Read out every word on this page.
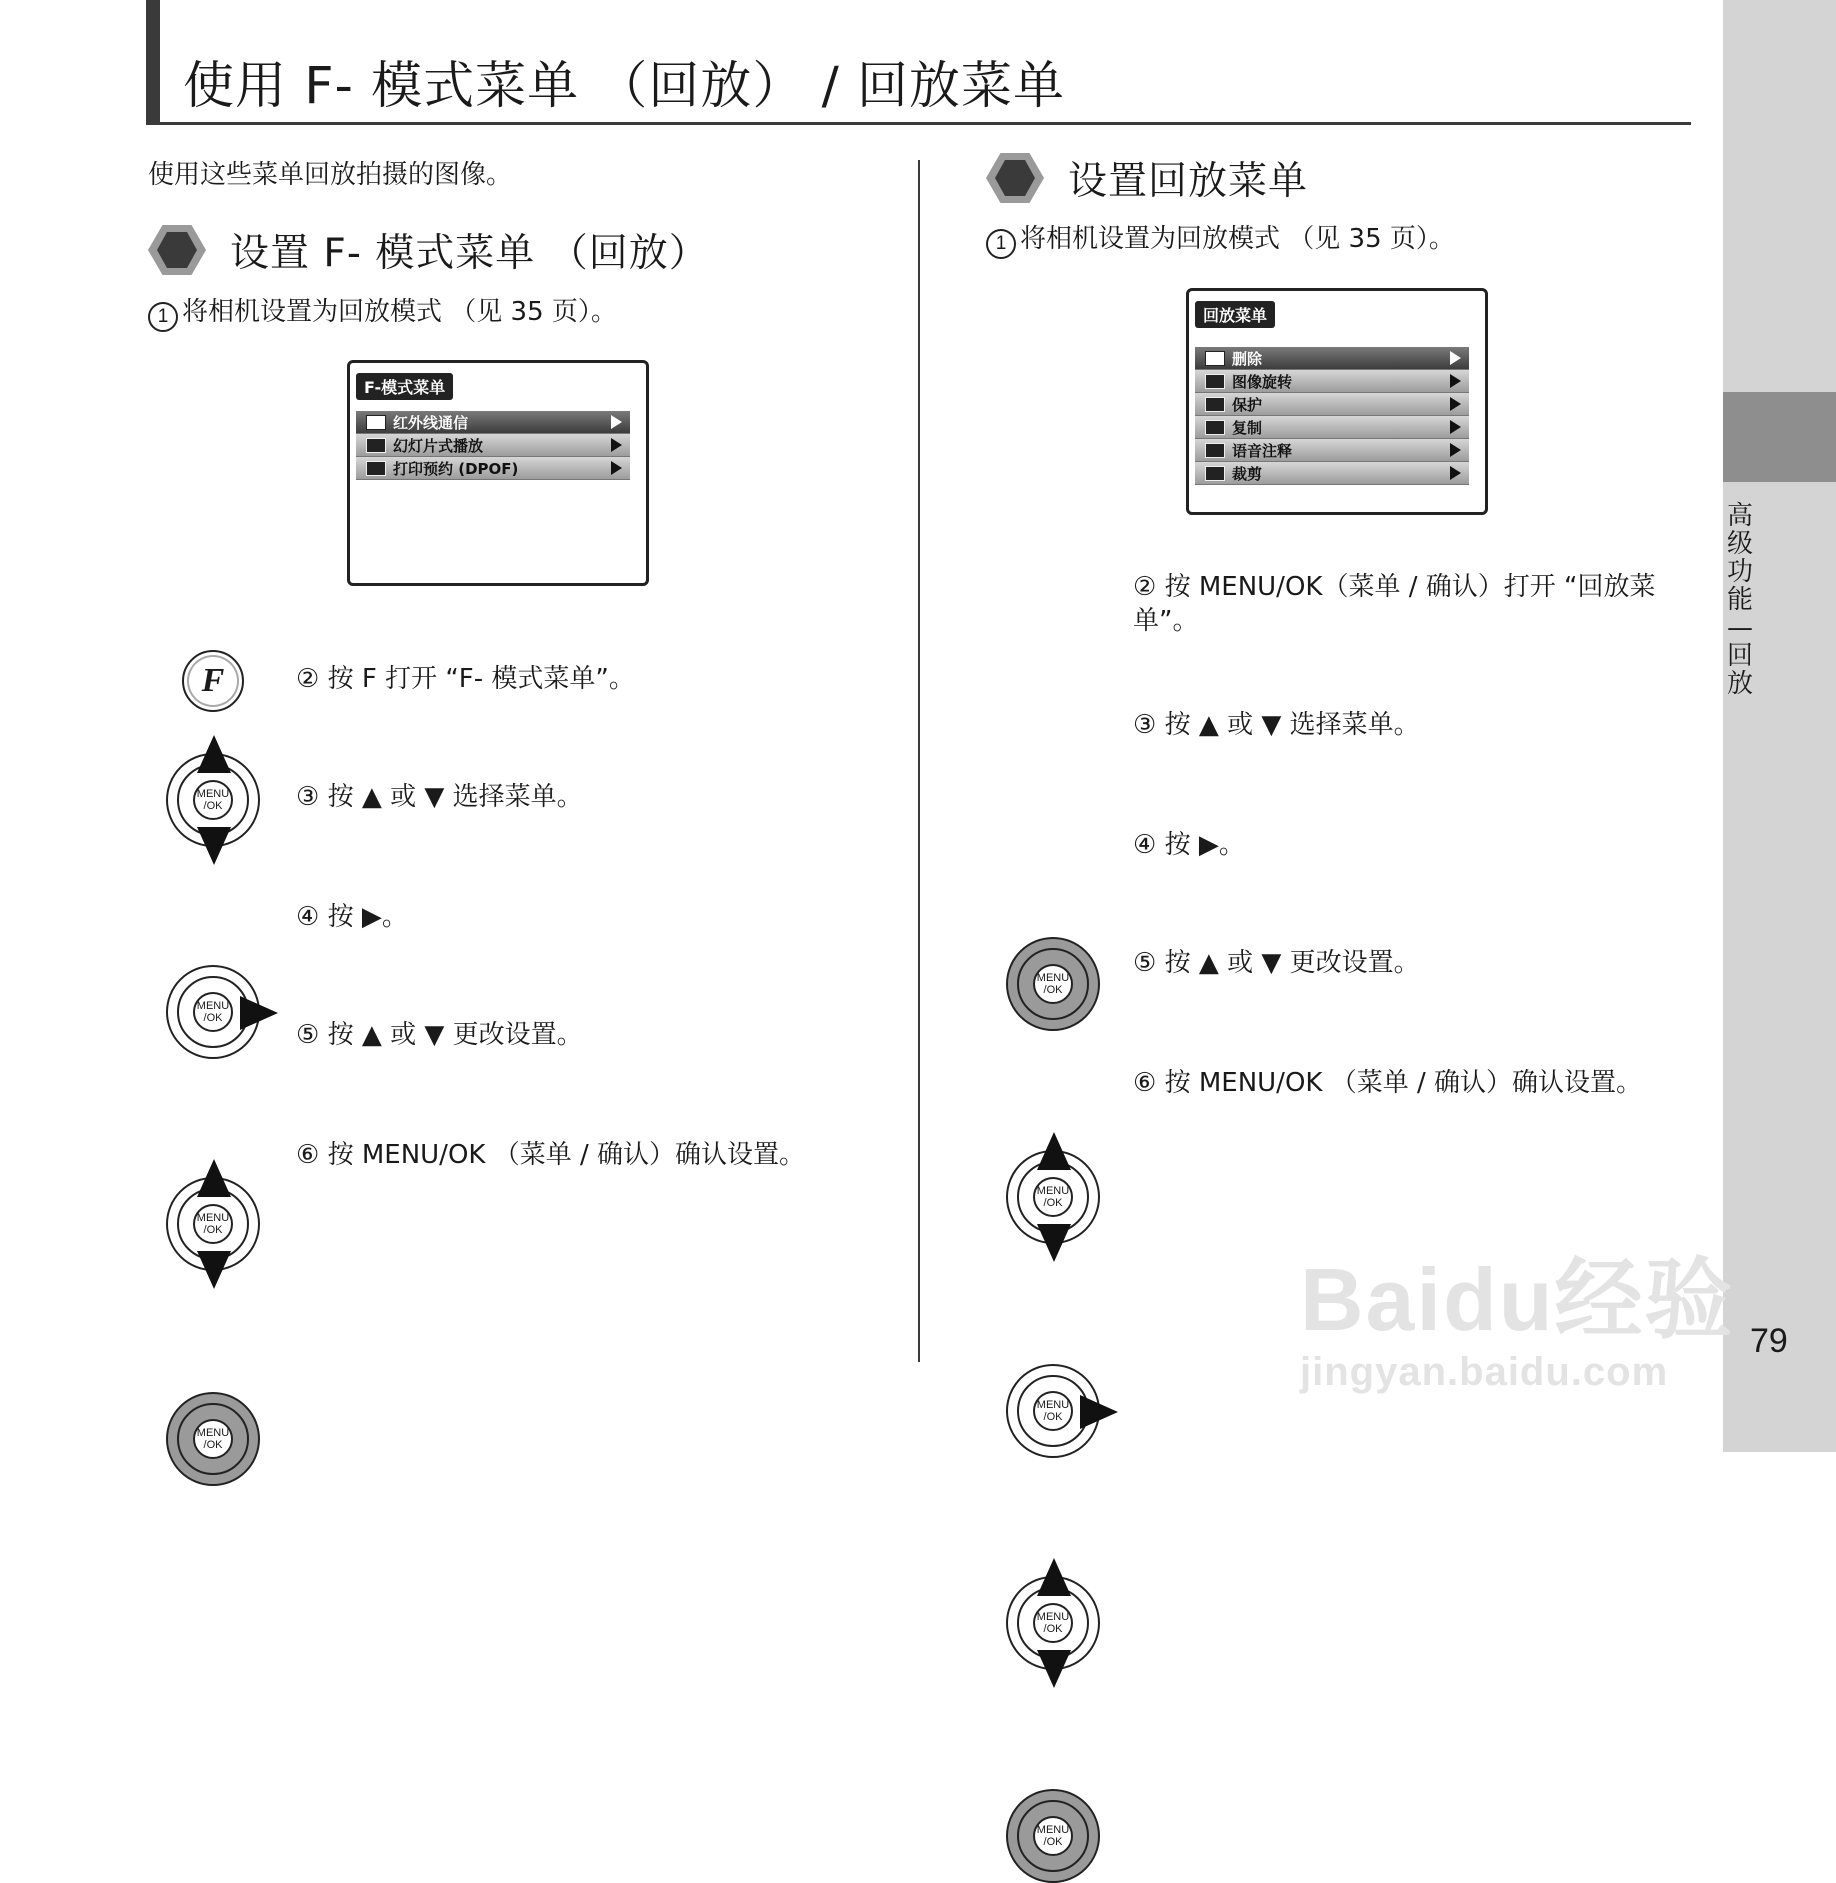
使用 F- 模式菜单 （回放） / 回放菜单
高级功能—回放
79
使用这些菜单回放拍摄的图像。
设置 F- 模式菜单 （回放）
1 将相机设置为回放模式 （见 35 页）。
F-模式菜单
红外线通信
幻灯片式播放
打印预约 (DPOF)
F
MENU
/OK
MENU
/OK
MENU
/OK
MENU
/OK
② 按 F 打开 “F- 模式菜单”。
③ 按 ▲ 或 ▼ 选择菜单。
④ 按 ▶。
⑤ 按 ▲ 或 ▼ 更改设置。
⑥ 按 MENU/OK （菜单 / 确认）确认设置。
设置回放菜单
1 将相机设置为回放模式 （见 35 页）。
回放菜单
删除
图像旋转
保护
复制
语音注释
裁剪
MENU
/OK
MENU
/OK
MENU
/OK
MENU
/OK
MENU
/OK
② 按 MENU/OK（菜单 / 确认）打开 “回放菜单”。
③ 按 ▲ 或 ▼ 选择菜单。
④ 按 ▶。
⑤ 按 ▲ 或 ▼ 更改设置。
⑥ 按 MENU/OK （菜单 / 确认）确认设置。
Baidu经验
jingyan.baidu.com
